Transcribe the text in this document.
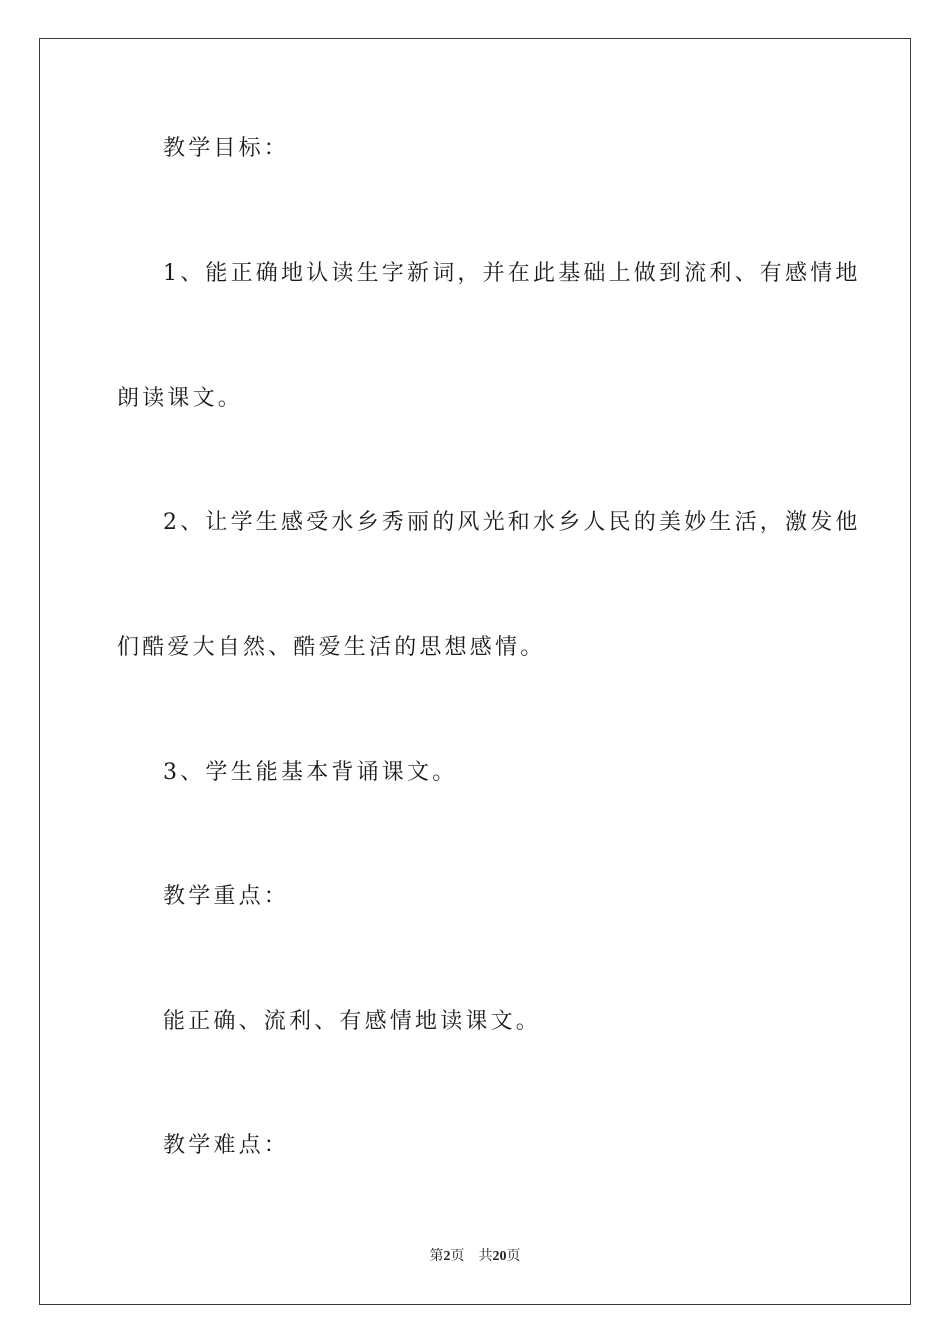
教学目标：
1、能正确地认读生字新词，并在此基础上做到流利、有感情地
朗读课文。
2、让学生感受水乡秀丽的风光和水乡人民的美妙生活，激发他
们酷爱大自然、酷爱生活的思想感情。
3、学生能基本背诵课文。
教学重点：
能正确、流利、有感情地读课文。
教学难点：
第2页 共20页
